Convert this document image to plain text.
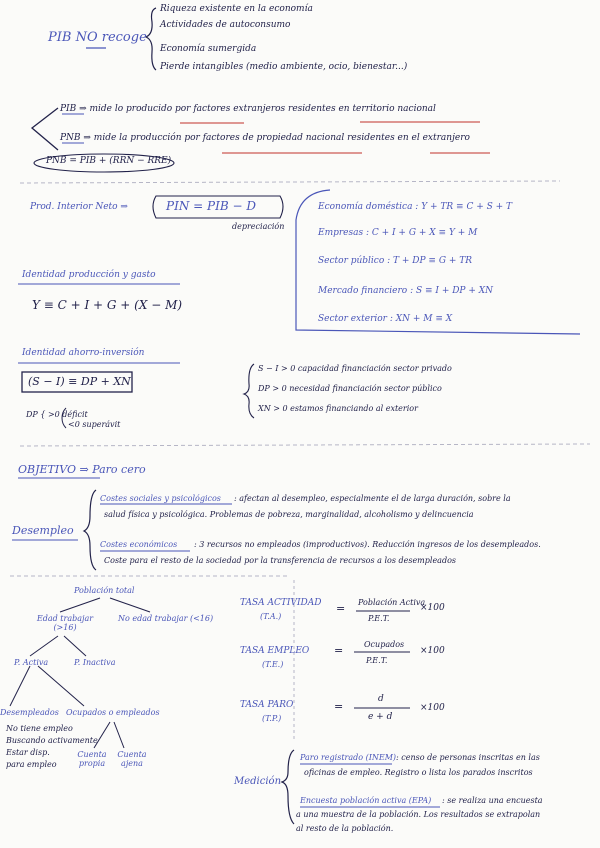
PIB NO recoge
Riqueza existente en la economía
Actividades de autoconsumo
Economía sumergida
Pierde intangibles (medio ambiente, ocio, bienestar...)
PIB ⇒ mide lo producido por factores extranjeros residentes en territorio nacional
PNB ⇒ mide la producción por factores de propiedad nacional residentes en el extranjero
PNB = PIB + (RRN − RRE)
Prod. Interior Neto ⇒	PIN = PIB − D
depreciación
Economía doméstica : Y + TR ≡ C + S + T
Empresas : C + I + G + X ≡ Y + M
Sector público : T + DP ≡ G + TR
Mercado financiero : S ≡ I + DP + XN
Sector exterior : XN + M ≡ X
Identidad producción y gasto
Y ≡ C + I + G + (X − M)
Identidad ahorro-inversión
(S − I) ≡ DP + XN
DP { >0 déficit
<0 superávit
S − I > 0 capacidad financiación sector privado
DP > 0 necesidad financiación sector público
XN > 0 estamos financiando al exterior
OBJETIVO ⇒ Paro cero
Desempleo
Costes sociales y psicológicos : afectan al desempleo, especialmente el de larga duración, sobre la
salud física y psicológica. Problemas de pobreza, marginalidad, alcoholismo y delincuencia
Costes económicos : 3 recursos no empleados (improductivos). Reducción ingresos de los desempleados.
Coste para el resto de la sociedad por la transferencia de recursos a los desempleados
Población total
Edad trabajar (>16)
No edad trabajar (<16)
P. Activa	P. Inactiva
Desempleados Ocupados o empleados
No tiene empleo
Buscando activamente
Estar disp.
para empleo
Cuenta propia
Cuenta ajena
TASA ACTIVIDAD
(T.A.)
= Población Activa
P.E.T.
×100
TASA EMPLEO
(T.E.)
=	Ocupados
P.E.T.
×100
TASA PARO
(T.P.)
=
d
e + d
×100
Medición
Paro registrado (INEM) : censo de personas inscritas en las
oficinas de empleo. Registro o lista los parados inscritos
Encuesta población activa (EPA) : se realiza una encuesta
a una muestra de la población. Los resultados se extrapolan
al resto de la población.
